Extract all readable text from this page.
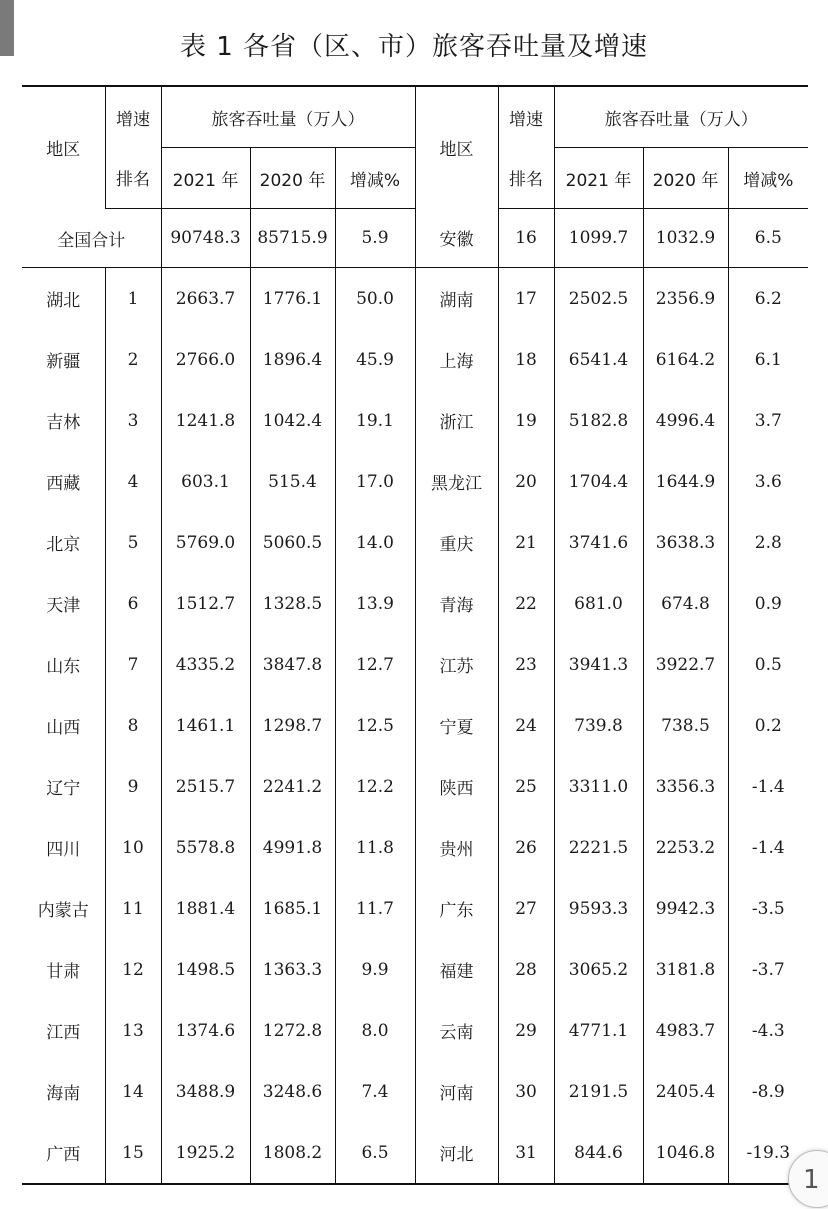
表 1 各省（区、市）旅客吞吐量及增速
地区	增速	旅客吞吐量（万人）			地区	增速	旅客吞吐量（万人）		
	排名	2021 年	2020 年	增减%		排名	2021 年	2020 年	增减%
全国合计		90748.3	85715.9	5.9	安徽	16	1099.7	1032.9	6.5
湖北	1	2663.7	1776.1	50.0	湖南	17	2502.5	2356.9	6.2
新疆	2	2766.0	1896.4	45.9	上海	18	6541.4	6164.2	6.1
吉林	3	1241.8	1042.4	19.1	浙江	19	5182.8	4996.4	3.7
西藏	4	603.1	515.4	17.0	黑龙江	20	1704.4	1644.9	3.6
北京	5	5769.0	5060.5	14.0	重庆	21	3741.6	3638.3	2.8
天津	6	1512.7	1328.5	13.9	青海	22	681.0	674.8	0.9
山东	7	4335.2	3847.8	12.7	江苏	23	3941.3	3922.7	0.5
山西	8	1461.1	1298.7	12.5	宁夏	24	739.8	738.5	0.2
辽宁	9	2515.7	2241.2	12.2	陕西	25	3311.0	3356.3	-1.4
四川	10	5578.8	4991.8	11.8	贵州	26	2221.5	2253.2	-1.4
内蒙古	11	1881.4	1685.1	11.7	广东	27	9593.3	9942.3	-3.5
甘肃	12	1498.5	1363.3	9.9	福建	28	3065.2	3181.8	-3.7
江西	13	1374.6	1272.8	8.0	云南	29	4771.1	4983.7	-4.3
海南	14	3488.9	3248.6	7.4	河南	30	2191.5	2405.4	-8.9
广西	15	1925.2	1808.2	6.5	河北	31	844.6	1046.8	-19.3
1
